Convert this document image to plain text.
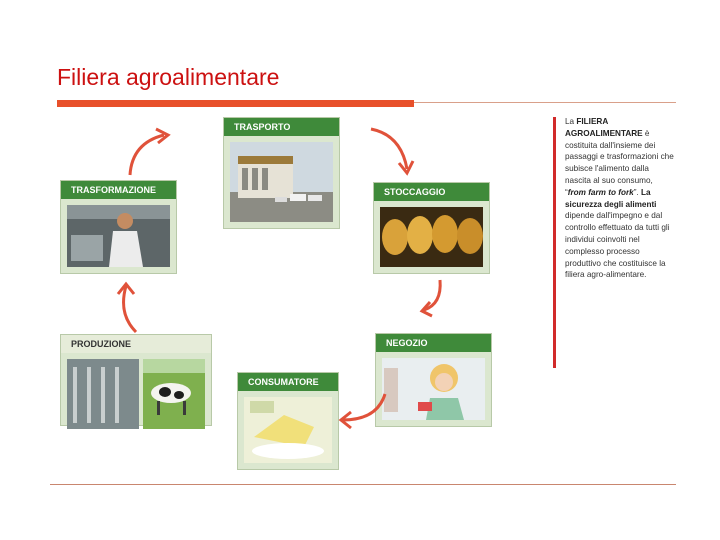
Filiera agroalimentare
TRASPORTO
STOCCAGGIO
NEGOZIO
CONSUMATORE
PRODUZIONE
TRASFORMAZIONE
La FILIERA AGROALIMENTARE è costituita dall'insieme dei passaggi e trasformazioni che subisce l'alimento dalla nascita al suo consumo, “from farm to fork”. La sicurezza degli alimenti dipende dall'impegno e dal controllo effettuato da tutti gli individui coinvolti nel complesso processo produttivo che costituisce la filiera agro-alimentare.
